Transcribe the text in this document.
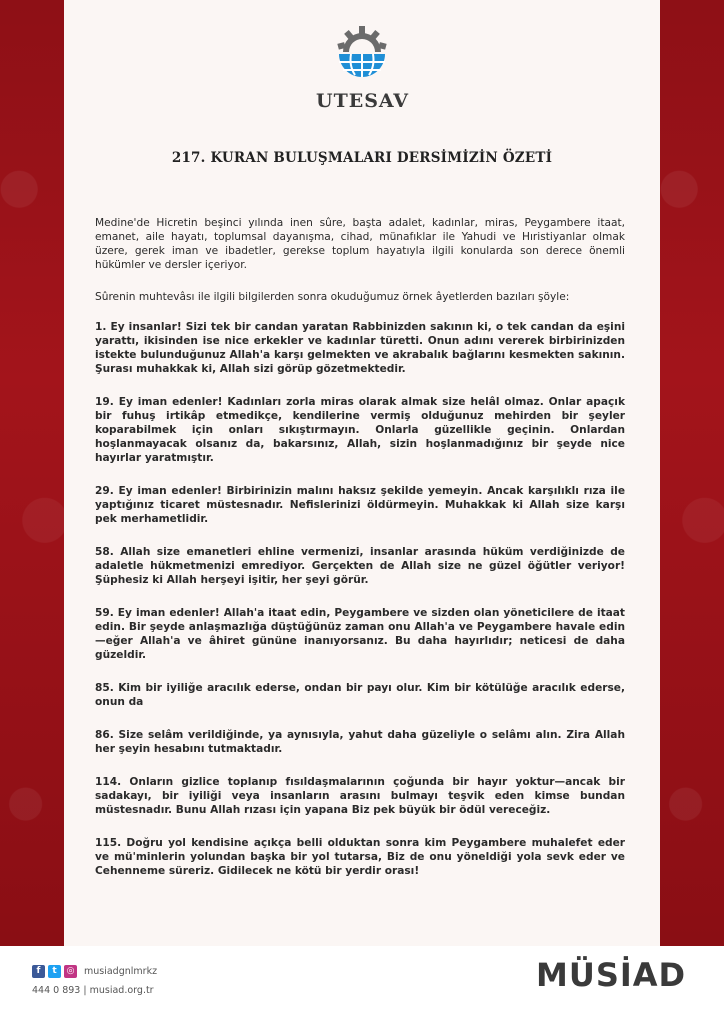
UTESAV
217. KURAN BULUŞMALARI DERSİMİZİN ÖZETİ

Medine'de Hicretin beşinci yılında inen sûre, başta adalet, kadınlar, miras, Peygambere itaat, emanet, aile hayatı, toplumsal dayanışma, cihad, münafıklar ile Yahudi ve Hıristiyanlar olmak üzere, gerek iman ve ibadetler, gerekse toplum hayatıyla ilgili konularda son derece önemli hükümler ve dersler içeriyor.

Sûrenin muhtevâsı ile ilgili bilgilerden sonra okuduğumuz örnek âyetlerden bazıları şöyle:

1. Ey insanlar! Sizi tek bir candan yaratan Rabbinizden sakının ki, o tek candan da eşini yarattı, ikisinden ise nice erkekler ve kadınlar türetti. Onun adını vererek birbirinizden istekte bulunduğunuz Allah'a karşı gelmekten ve akrabalık bağlarını kesmekten sakının. Şurası muhakkak ki, Allah sizi görüp gözetmektedir.

19. Ey iman edenler! Kadınları zorla miras olarak almak size helâl olmaz. Onlar apaçık bir fuhuş irtikâp etmedikçe, kendilerine vermiş olduğunuz mehirden bir şeyler koparabilmek için onları sıkıştırmayın. Onlarla güzellikle geçinin. Onlardan hoşlanmayacak olsanız da, bakarsınız, Allah, sizin hoşlanmadığınız bir şeyde nice hayırlar yaratmıştır.

29. Ey iman edenler! Birbirinizin malını haksız şekilde yemeyin. Ancak karşılıklı rıza ile yaptığınız ticaret müstesnadır. Nefislerinizi öldürmeyin. Muhakkak ki Allah size karşı pek merhametlidir.

58. Allah size emanetleri ehline vermenizi, insanlar arasında hüküm verdiğinizde de adaletle hükmetmenizi emrediyor. Gerçekten de Allah size ne güzel öğütler veriyor! Şüphesiz ki Allah herşeyi işitir, her şeyi görür.

59. Ey iman edenler! Allah'a itaat edin, Peygambere ve sizden olan yöneticilere de itaat edin. Bir şeyde anlaşmazlığa düştüğünüz zaman onu Allah'a ve Peygambere havale edin—eğer Allah'a ve âhiret gününe inanıyorsanız. Bu daha hayırlıdır; neticesi de daha güzeldir.

85. Kim bir iyiliğe aracılık ederse, ondan bir payı olur. Kim bir kötülüğe aracılık ederse, onun da

86. Size selâm verildiğinde, ya aynısıyla, yahut daha güzeliyle o selâmı alın. Zira Allah her şeyin hesabını tutmaktadır.

114. Onların gizlice toplanıp fısıldaşmalarının çoğunda bir hayır yoktur—ancak bir sadakayı, bir iyiliği veya insanların arasını bulmayı teşvik eden kimse bundan müstesnadır. Bunu Allah rızası için yapana Biz pek büyük bir ödül vereceğiz.

115. Doğru yol kendisine açıkça belli olduktan sonra kim Peygambere muhalefet eder ve mü'minlerin yolundan başka bir yol tutarsa, Biz de onu yöneldiği yola sevk eder ve Cehenneme süreriz. Gidilecek ne kötü bir yerdir orası!

f	t	◎ musiadgnlmrkz
444 0 893 | musiad.org.tr	MÜSİAD
